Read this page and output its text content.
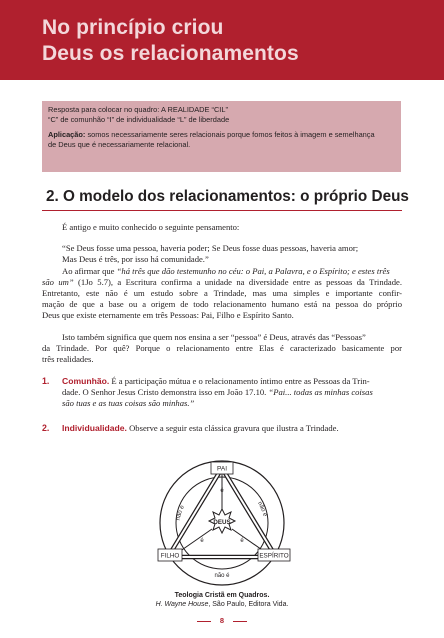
No princípio criou
Deus os relacionamentos
Resposta para colocar no quadro: A REALIDADE “CIL”
“C” de comunhão “I” de individualidade “L” de liberdade
Aplicação: somos necessariamente seres relacionais porque fomos feitos à imagem e semelhança
de Deus que é necessariamente relacional.
2. O modelo dos relacionamentos: o próprio Deus
É antigo e muito conhecido o seguinte pensamento:
“Se Deus fosse uma pessoa, haveria poder; Se Deus fosse duas pessoas, haveria amor;
Mas Deus é três, por isso há comunidade.”
Ao afirmar que “há três que dão testemunho no céu: o Pai, a Palavra, e o Espírito; e estes três
são um” (1Jo 5.7), a Escritura confirma a unidade na diversidade entre as pessoas da Trindade.
Entretanto, este não é um estudo sobre a Trindade, mas uma simples e importante confir-
mação de que a base ou a origem de todo relacionamento humano está na pessoa do próprio
Deus que existe eternamente em três Pessoas: Pai, Filho e Espírito Santo.
Isto também significa que quem nos ensina a ser “pessoa” é Deus, através das “Pessoas”
da Trindade. Por quê? Porque o relacionamento entre Elas é caracterizado basicamente por
três realidades.
1. Comunhão. É a participação mútua e o relacionamento íntimo entre as Pessoas da Trin-
dade. O Senhor Jesus Cristo demonstra isso em João 17.10. “Pai... todas as minhas coisas
são tuas e as tuas coisas são minhas.”
2. Individualidade. Observe a seguir esta clássica gravura que ilustra a Trindade.
DEUS
PAI
FILHO	ESPÍRITO
é
é	é
não é
não é
não é
Teologia Cristã em Quadros.
H. Wayne House, São Paulo, Editora Vida.
8
